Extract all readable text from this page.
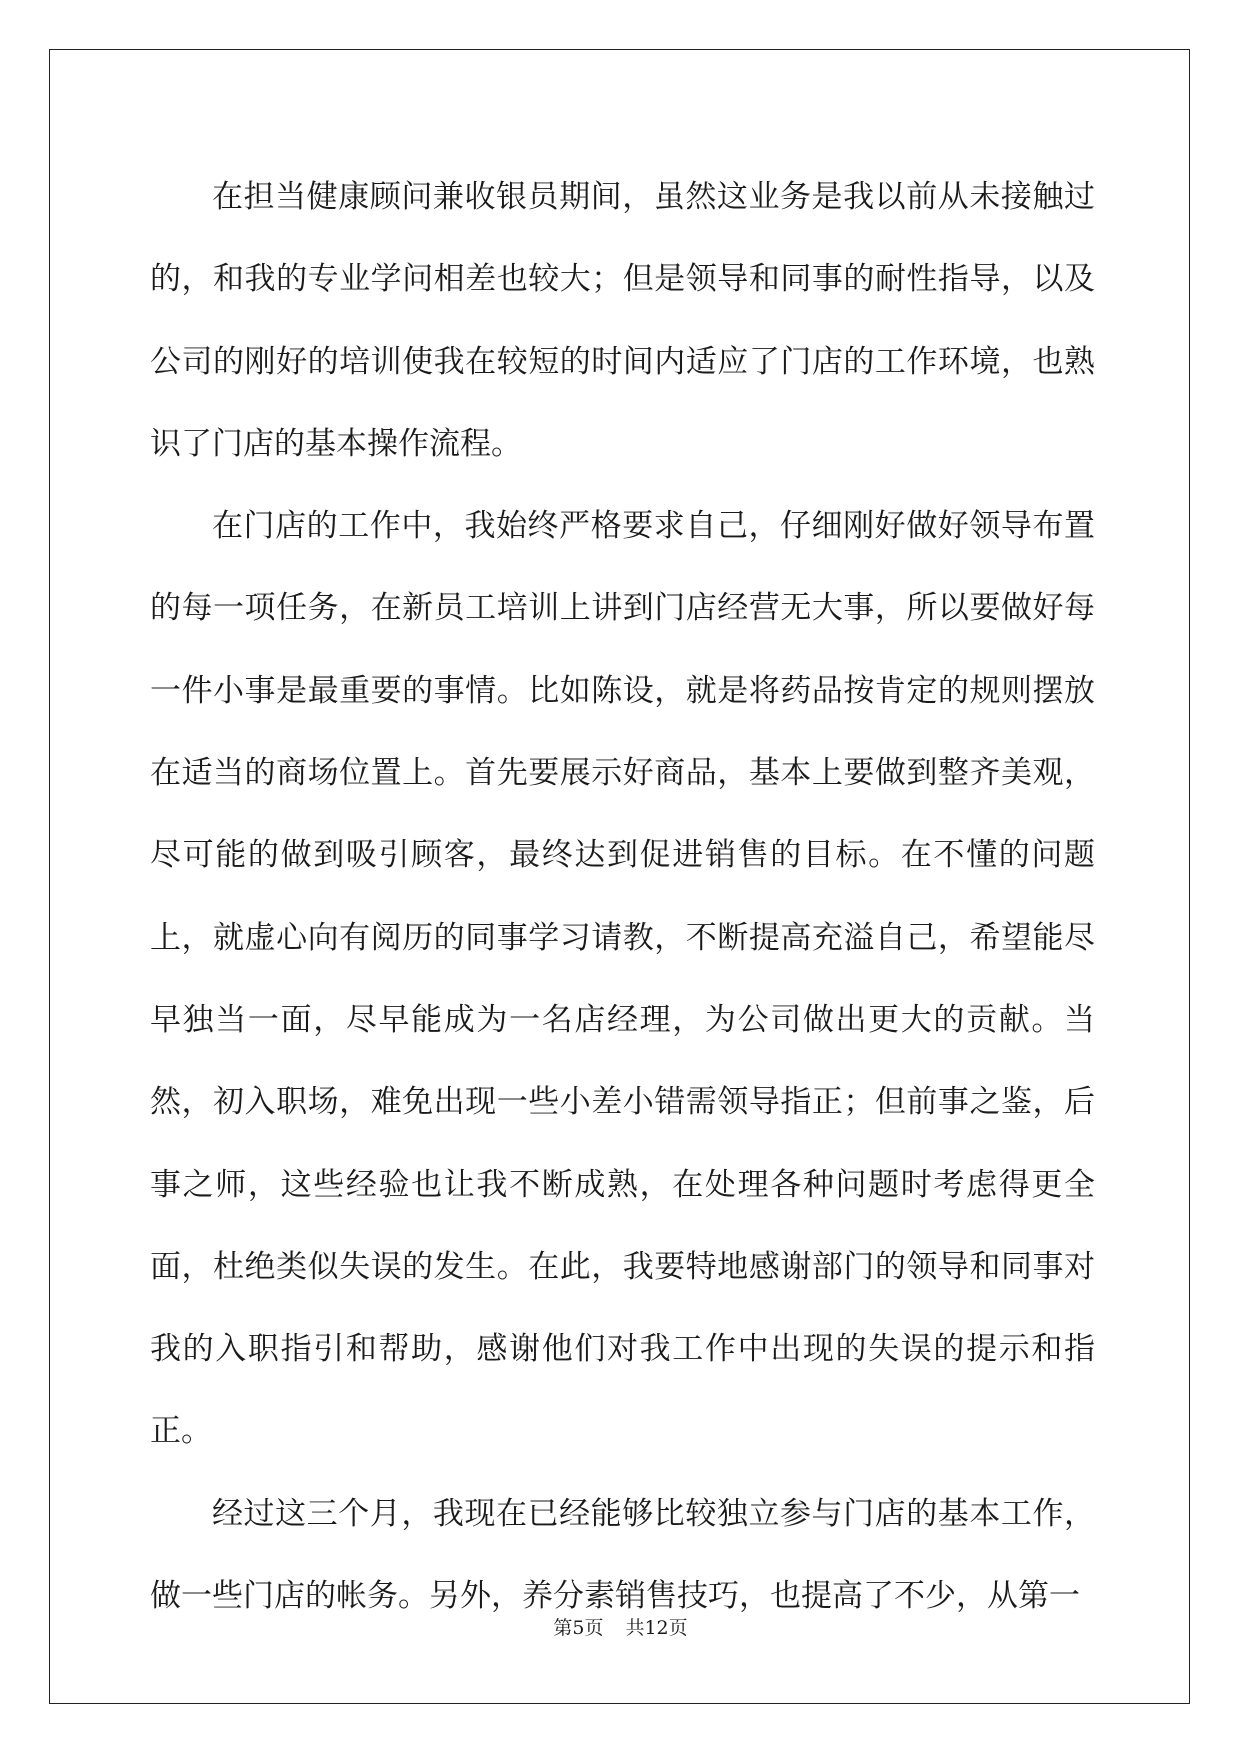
在担当健康顾问兼收银员期间，虽然这业务是我以前从未接触过的，和我的专业学问相差也较大；但是领导和同事的耐性指导，以及公司的刚好的培训使我在较短的时间内适应了门店的工作环境，也熟识了门店的基本操作流程。

在门店的工作中，我始终严格要求自己，仔细刚好做好领导布置的每一项任务，在新员工培训上讲到门店经营无大事，所以要做好每一件小事是最重要的事情。比如陈设，就是将药品按肯定的规则摆放在适当的商场位置上。首先要展示好商品，基本上要做到整齐美观，尽可能的做到吸引顾客，最终达到促进销售的目标。在不懂的问题上，就虚心向有阅历的同事学习请教，不断提高充溢自己，希望能尽早独当一面，尽早能成为一名店经理，为公司做出更大的贡献。当然，初入职场，难免出现一些小差小错需领导指正；但前事之鉴，后事之师，这些经验也让我不断成熟，在处理各种问题时考虑得更全面，杜绝类似失误的发生。在此，我要特地感谢部门的领导和同事对我的入职指引和帮助，感谢他们对我工作中出现的失误的提示和指正。

经过这三个月，我现在已经能够比较独立参与门店的基本工作，做一些门店的帐务。另外，养分素销售技巧，也提高了不少，从第一

第5页 共12页
